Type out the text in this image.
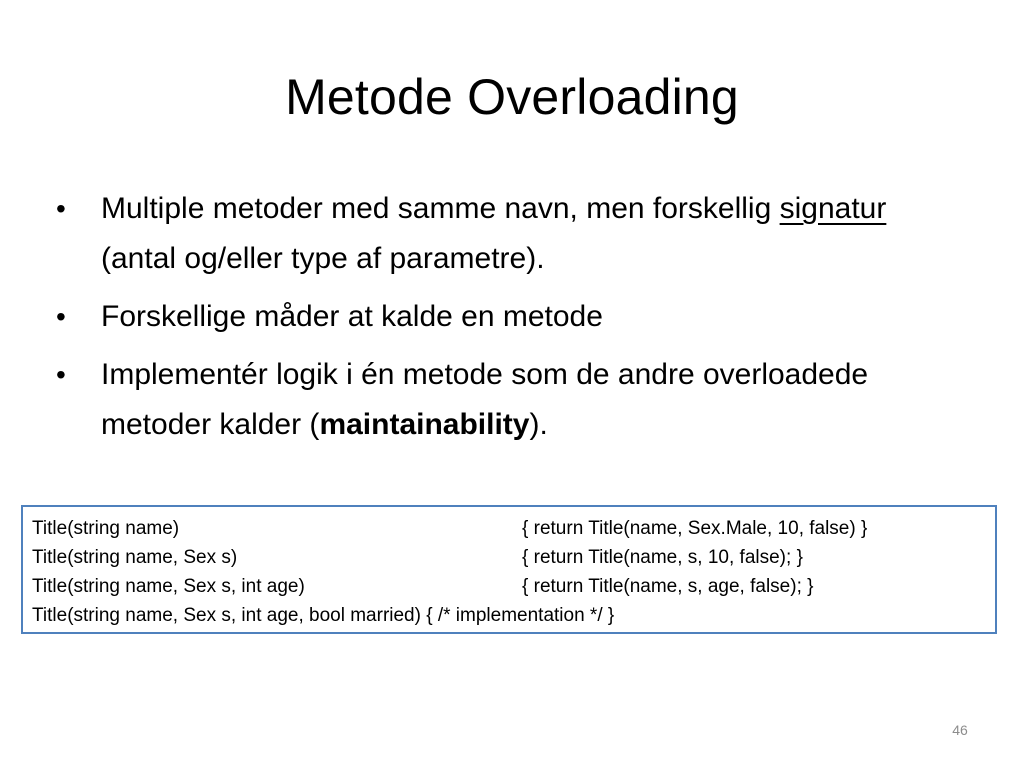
Metode Overloading
• Multiple metoder med samme navn, men forskellig signatur (antal og/eller type af parametre).
• Forskellige måder at kalde en metode
• Implementér logik i én metode som de andre overloadede metoder kalder (maintainability).
Title(string name)	{ return Title(name, Sex.Male, 10, false) }
Title(string name, Sex s)	{ return Title(name, s, 10, false); }
Title(string name, Sex s, int age)	{ return Title(name, s, age, false); }
Title(string name, Sex s, int age, bool married) { /* implementation */ }
46
